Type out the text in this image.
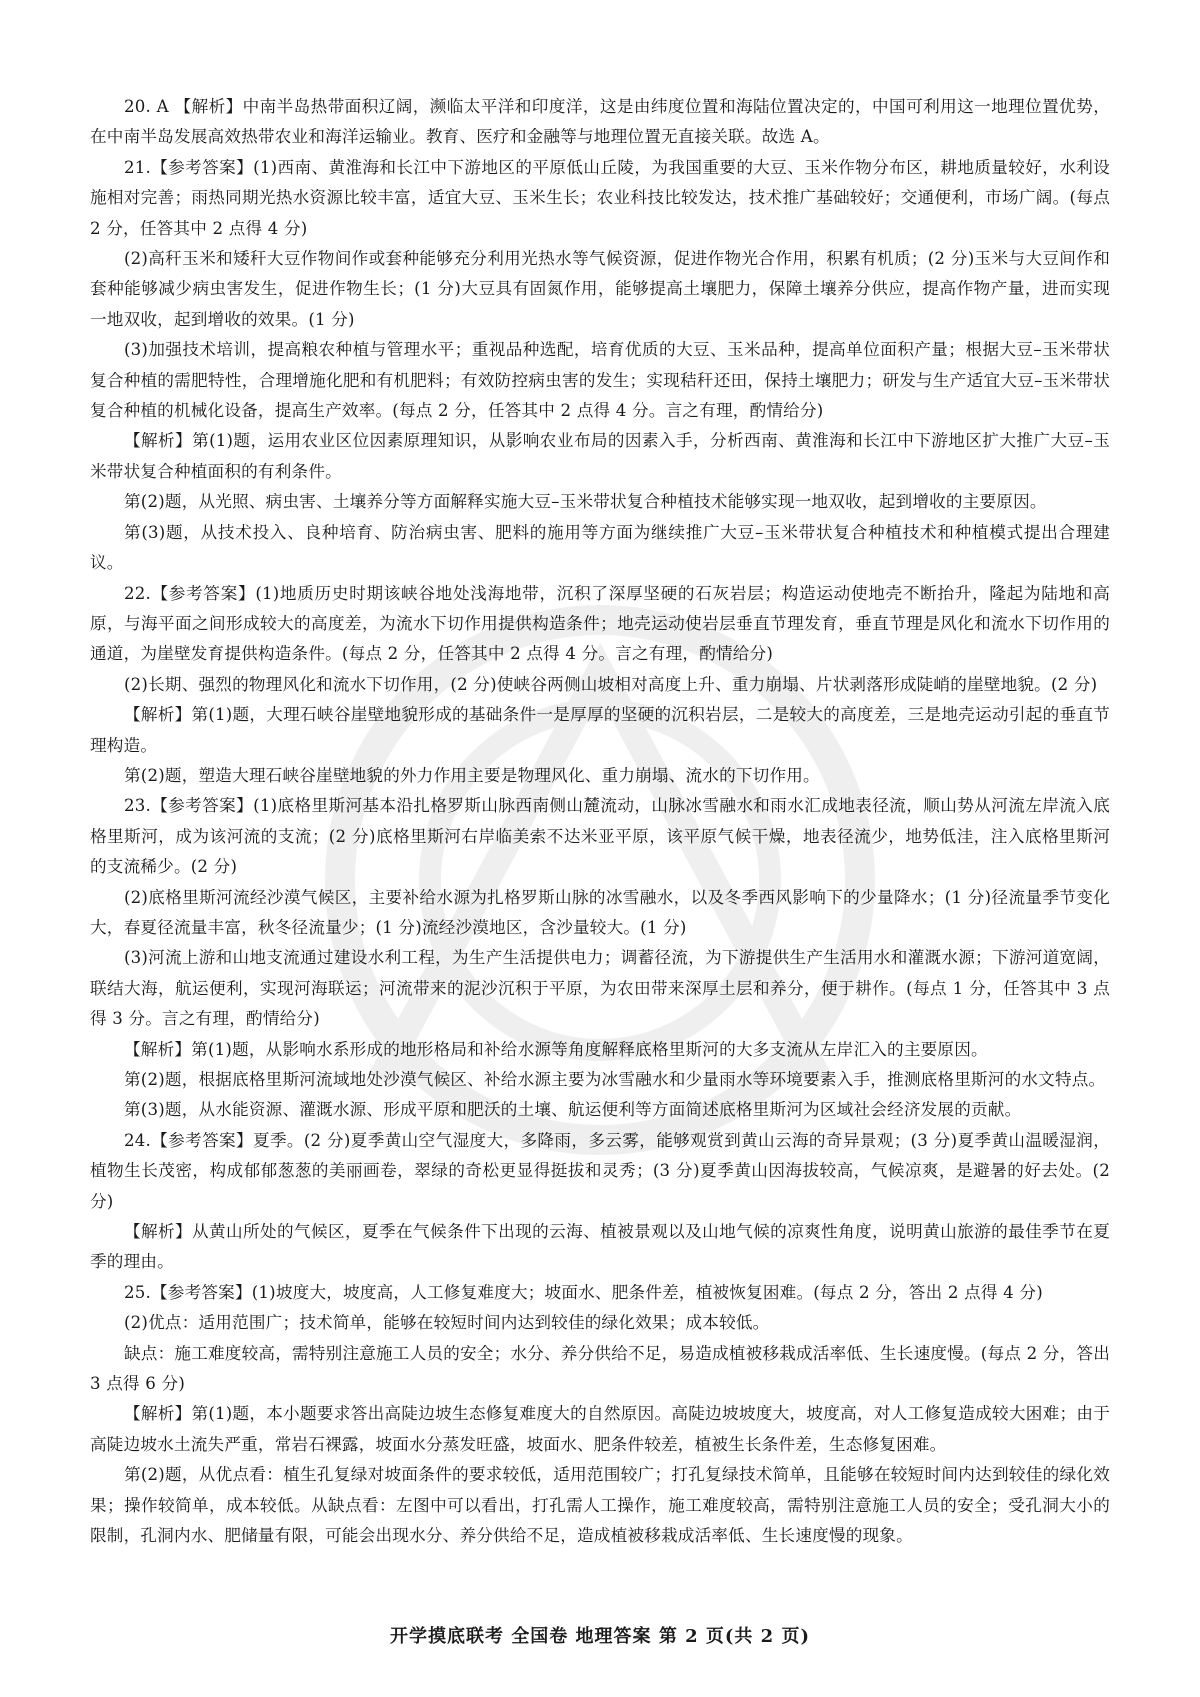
20. A 【解析】中南半岛热带面积辽阔，濒临太平洋和印度洋，这是由纬度位置和海陆位置决定的，中国可利用这一地理位置优势，在中南半岛发展高效热带农业和海洋运输业。教育、医疗和金融等与地理位置无直接关联。故选 A。

21.【参考答案】(1)西南、黄淮海和长江中下游地区的平原低山丘陵，为我国重要的大豆、玉米作物分布区，耕地质量较好，水利设施相对完善；雨热同期光热水资源比较丰富，适宜大豆、玉米生长；农业科技比较发达，技术推广基础较好；交通便利，市场广阔。(每点 2 分，任答其中 2 点得 4 分)

(2)高秆玉米和矮秆大豆作物间作或套种能够充分利用光热水等气候资源，促进作物光合作用，积累有机质；(2 分)玉米与大豆间作和套种能够减少病虫害发生，促进作物生长；(1 分)大豆具有固氮作用，能够提高土壤肥力，保障土壤养分供应，提高作物产量，进而实现一地双收，起到增收的效果。(1 分)

(3)加强技术培训，提高粮农种植与管理水平；重视品种选配，培育优质的大豆、玉米品种，提高单位面积产量；根据大豆–玉米带状复合种植的需肥特性，合理增施化肥和有机肥料；有效防控病虫害的发生；实现秸秆还田，保持土壤肥力；研发与生产适宜大豆–玉米带状复合种植的机械化设备，提高生产效率。(每点 2 分，任答其中 2 点得 4 分。言之有理，酌情给分)

【解析】第(1)题，运用农业区位因素原理知识，从影响农业布局的因素入手，分析西南、黄淮海和长江中下游地区扩大推广大豆–玉米带状复合种植面积的有利条件。

第(2)题，从光照、病虫害、土壤养分等方面解释实施大豆–玉米带状复合种植技术能够实现一地双收，起到增收的主要原因。

第(3)题，从技术投入、良种培育、防治病虫害、肥料的施用等方面为继续推广大豆–玉米带状复合种植技术和种植模式提出合理建议。

22.【参考答案】(1)地质历史时期该峡谷地处浅海地带，沉积了深厚坚硬的石灰岩层；构造运动使地壳不断抬升，隆起为陆地和高原，与海平面之间形成较大的高度差，为流水下切作用提供构造条件；地壳运动使岩层垂直节理发育，垂直节理是风化和流水下切作用的通道，为崖壁发育提供构造条件。(每点 2 分，任答其中 2 点得 4 分。言之有理，酌情给分)

(2)长期、强烈的物理风化和流水下切作用，(2 分)使峡谷两侧山坡相对高度上升、重力崩塌、片状剥落形成陡峭的崖壁地貌。(2 分)

【解析】第(1)题，大理石峡谷崖壁地貌形成的基础条件一是厚厚的坚硬的沉积岩层，二是较大的高度差，三是地壳运动引起的垂直节理构造。

第(2)题，塑造大理石峡谷崖壁地貌的外力作用主要是物理风化、重力崩塌、流水的下切作用。

23.【参考答案】(1)底格里斯河基本沿扎格罗斯山脉西南侧山麓流动，山脉冰雪融水和雨水汇成地表径流，顺山势从河流左岸流入底格里斯河，成为该河流的支流；(2 分)底格里斯河右岸临美索不达米亚平原，该平原气候干燥，地表径流少，地势低洼，注入底格里斯河的支流稀少。(2 分)

(2)底格里斯河流经沙漠气候区，主要补给水源为扎格罗斯山脉的冰雪融水，以及冬季西风影响下的少量降水；(1 分)径流量季节变化大，春夏径流量丰富，秋冬径流量少；(1 分)流经沙漠地区，含沙量较大。(1 分)

(3)河流上游和山地支流通过建设水利工程，为生产生活提供电力；调蓄径流，为下游提供生产生活用水和灌溉水源；下游河道宽阔，联结大海，航运便利，实现河海联运；河流带来的泥沙沉积于平原，为农田带来深厚土层和养分，便于耕作。(每点 1 分，任答其中 3 点得 3 分。言之有理，酌情给分)

【解析】第(1)题，从影响水系形成的地形格局和补给水源等角度解释底格里斯河的大多支流从左岸汇入的主要原因。

第(2)题，根据底格里斯河流域地处沙漠气候区、补给水源主要为冰雪融水和少量雨水等环境要素入手，推测底格里斯河的水文特点。

第(3)题，从水能资源、灌溉水源、形成平原和肥沃的土壤、航运便利等方面简述底格里斯河为区域社会经济发展的贡献。

24.【参考答案】夏季。(2 分)夏季黄山空气湿度大，多降雨，多云雾，能够观赏到黄山云海的奇异景观；(3 分)夏季黄山温暖湿润，植物生长茂密，构成郁郁葱葱的美丽画卷，翠绿的奇松更显得挺拔和灵秀；(3 分)夏季黄山因海拔较高，气候凉爽，是避暑的好去处。(2 分)

【解析】从黄山所处的气候区，夏季在气候条件下出现的云海、植被景观以及山地气候的凉爽性角度，说明黄山旅游的最佳季节在夏季的理由。

25.【参考答案】(1)坡度大，坡度高，人工修复难度大；坡面水、肥条件差，植被恢复困难。(每点 2 分，答出 2 点得 4 分)

(2)优点：适用范围广；技术简单，能够在较短时间内达到较佳的绿化效果；成本较低。

缺点：施工难度较高，需特别注意施工人员的安全；水分、养分供给不足，易造成植被移栽成活率低、生长速度慢。(每点 2 分，答出 3 点得 6 分)

【解析】第(1)题，本小题要求答出高陡边坡生态修复难度大的自然原因。高陡边坡坡度大，坡度高，对人工修复造成较大困难；由于高陡边坡水土流失严重，常岩石裸露，坡面水分蒸发旺盛，坡面水、肥条件较差，植被生长条件差，生态修复困难。

第(2)题，从优点看：植生孔复绿对坡面条件的要求较低，适用范围较广；打孔复绿技术简单，且能够在较短时间内达到较佳的绿化效果；操作较简单，成本较低。从缺点看：左图中可以看出，打孔需人工操作，施工难度较高，需特别注意施工人员的安全；受孔洞大小的限制，孔洞内水、肥储量有限，可能会出现水分、养分供给不足，造成植被移栽成活率低、生长速度慢的现象。

开学摸底联考 全国卷 地理答案 第 2 页(共 2 页)
